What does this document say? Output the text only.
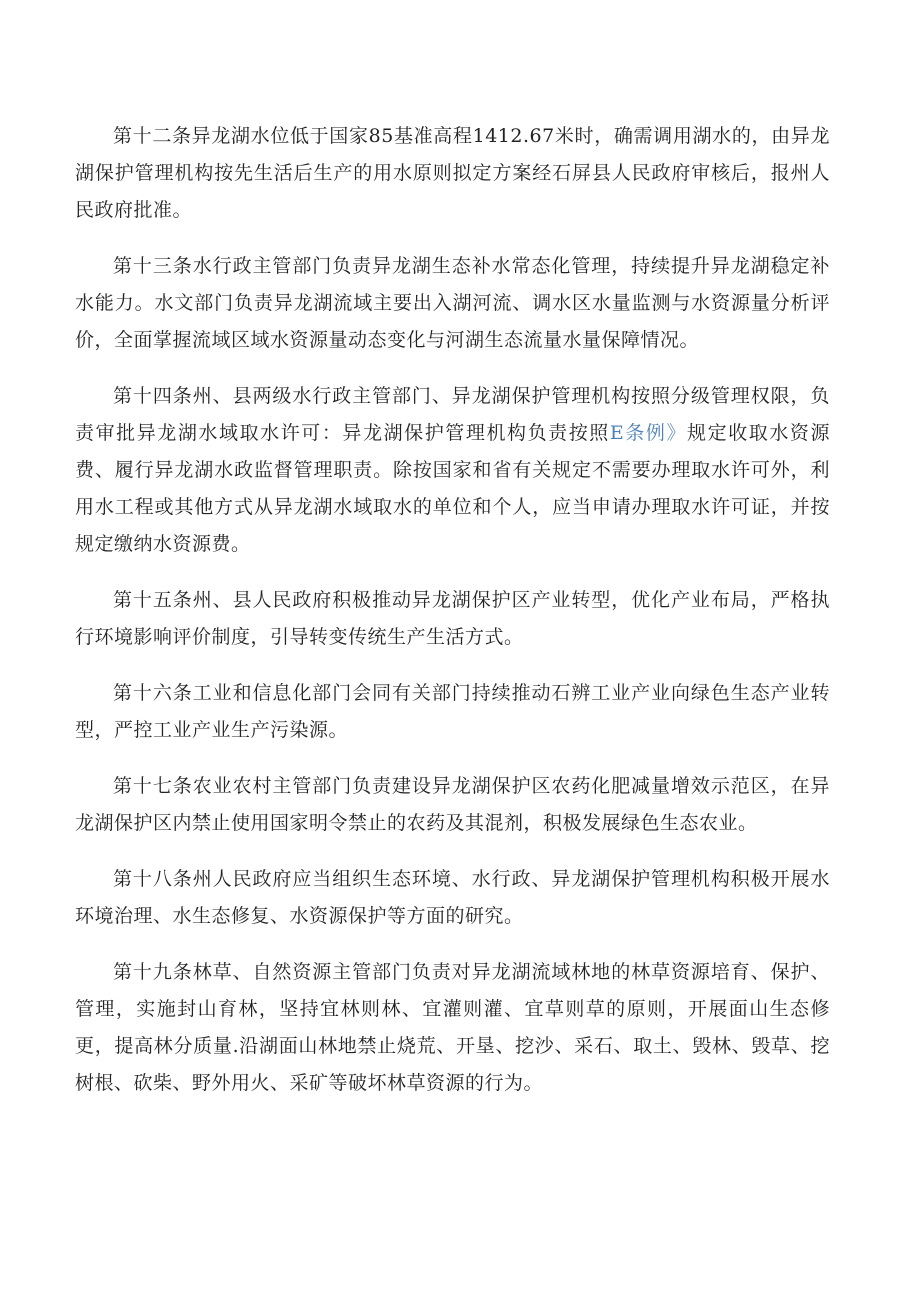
第十二条异龙湖水位低于国家85基准高程1412.67米时，确需调用湖水的，由异龙湖保护管理机构按先生活后生产的用水原则拟定方案经石屏县人民政府审核后，报州人民政府批准。

第十三条水行政主管部门负责异龙湖生态补水常态化管理，持续提升异龙湖稳定补水能力。水文部门负责异龙湖流域主要出入湖河流、调水区水量监测与水资源量分析评价，全面掌握流域区域水资源量动态变化与河湖生态流量水量保障情况。

第十四条州、县两级水行政主管部门、异龙湖保护管理机构按照分级管理权限，负责审批异龙湖水域取水许可：异龙湖保护管理机构负责按照E条例》规定收取水资源费、履行异龙湖水政监督管理职责。除按国家和省有关规定不需要办理取水许可外，利用水工程或其他方式从异龙湖水域取水的单位和个人，应当申请办理取水许可证，并按规定缴纳水资源费。

第十五条州、县人民政府积极推动异龙湖保护区产业转型，优化产业布局，严格执行环境影响评价制度，引导转变传统生产生活方式。

第十六条工业和信息化部门会同有关部门持续推动石辨工业产业向绿色生态产业转型，严控工业产业生产污染源。

第十七条农业农村主管部门负责建设异龙湖保护区农药化肥减量增效示范区，在异龙湖保护区内禁止使用国家明令禁止的农药及其混剂，积极发展绿色生态农业。

第十八条州人民政府应当组织生态环境、水行政、异龙湖保护管理机构积极开展水环境治理、水生态修复、水资源保护等方面的研究。

第十九条林草、自然资源主管部门负责对异龙湖流域林地的林草资源培育、保护、管理，实施封山育林，坚持宜林则林、宜灌则灌、宜草则草的原则，开展面山生态修更，提高林分质量.沿湖面山林地禁止烧荒、开垦、挖沙、采石、取土、毁林、毁草、挖树根、砍柴、野外用火、采矿等破坏林草资源的行为。
